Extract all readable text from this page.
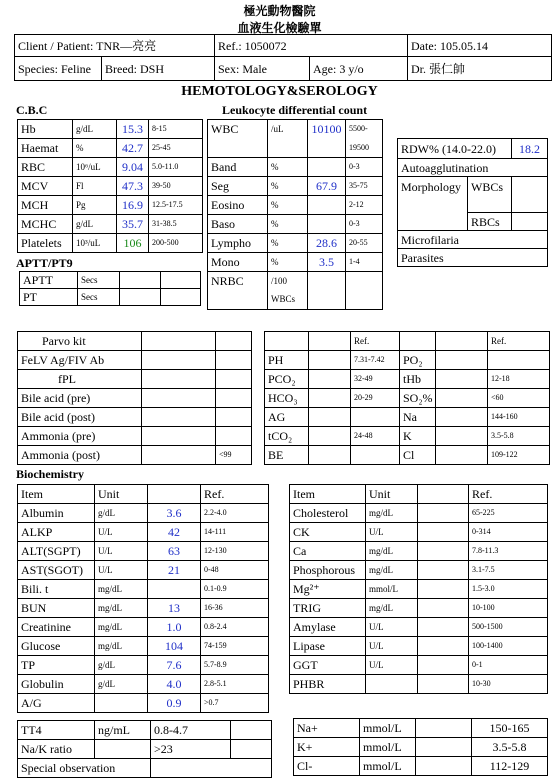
極光動物醫院
血液生化檢驗單
Client / Patient: TNR—亮亮	Ref.: 1050072	Date: 105.05.14
Species: Feline	Breed: DSH	Sex: Male	Age: 3 y/o	Dr. 張仁帥
HEMOTOLOGY&SEROLOGY
C.B.C	Leukocyte differential count
Hb	g/dL	15.3	8-15
Haemat	%	42.7	25-45
RBC	10⁶/uL	9.04	5.0-11.0
MCV	Fl	47.3	39-50
MCH	Pg	16.9	12.5-17.5
MCHC	g/dL	35.7	31-38.5
Platelets	10³/uL	106	200-500
WBC	/uL	10100	5500-
			19500
Band	%		0-3
Seg	%	67.9	35-75
Eosino	%		2-12
Baso	%		0-3
Lympho	%	28.6	20-55
Mono	%	3.5	1-4
NRBC	/100		
	WBCs		
RDW% (14.0-22.0)		18.2
Autoagglutination		
Morphology	WBCs	
	RBCs	
Microfilaria		
Parasites		
APTT/PT9
APTT	Secs		
PT	Secs		
Parvo kit		
FeLV Ag/FIV Ab		
fPL		
Bile acid (pre)		
Bile acid (post)		
Ammonia (pre)		
Ammonia (post)		<99
		Ref.			Ref.
PH		7.31-7.42	PO₂		
PCO₂		32-49	tHb		12-18
HCO₃		20-29	SO₂%		<60
AG			Na		144-160
tCO₂		24-48	K		3.5-5.8
BE			Cl		109-122
Biochemistry
Item	Unit		Ref.
Albumin	g/dL	3.6	2.2-4.0
ALKP	U/L	42	14-111
ALT(SGPT)	U/L	63	12-130
AST(SGOT)	U/L	21	0-48
Bili. t	mg/dL		0.1-0.9
BUN	mg/dL	13	16-36
Creatinine	mg/dL	1.0	0.8-2.4
Glucose	mg/dL	104	74-159
TP	g/dL	7.6	5.7-8.9
Globulin	g/dL	4.0	2.8-5.1
A/G		0.9	>0.7
Item	Unit		Ref.
Cholesterol	mg/dL		65-225
CK	U/L		0-314
Ca	mg/dL		7.8-11.3
Phosphorous	mg/dL		3.1-7.5
Mg²⁺	mmol/L		1.5-3.0
TRIG	mg/dL		10-100
Amylase	U/L		500-1500
Lipase	U/L		100-1400
GGT	U/L		0-1
PHBR			10-30
TT4	ng/mL	0.8-4.7	
Na/K ratio		>23	
Special observation			
Na+	mmol/L		150-165
K+	mmol/L		3.5-5.8
Cl-	mmol/L		112-129
